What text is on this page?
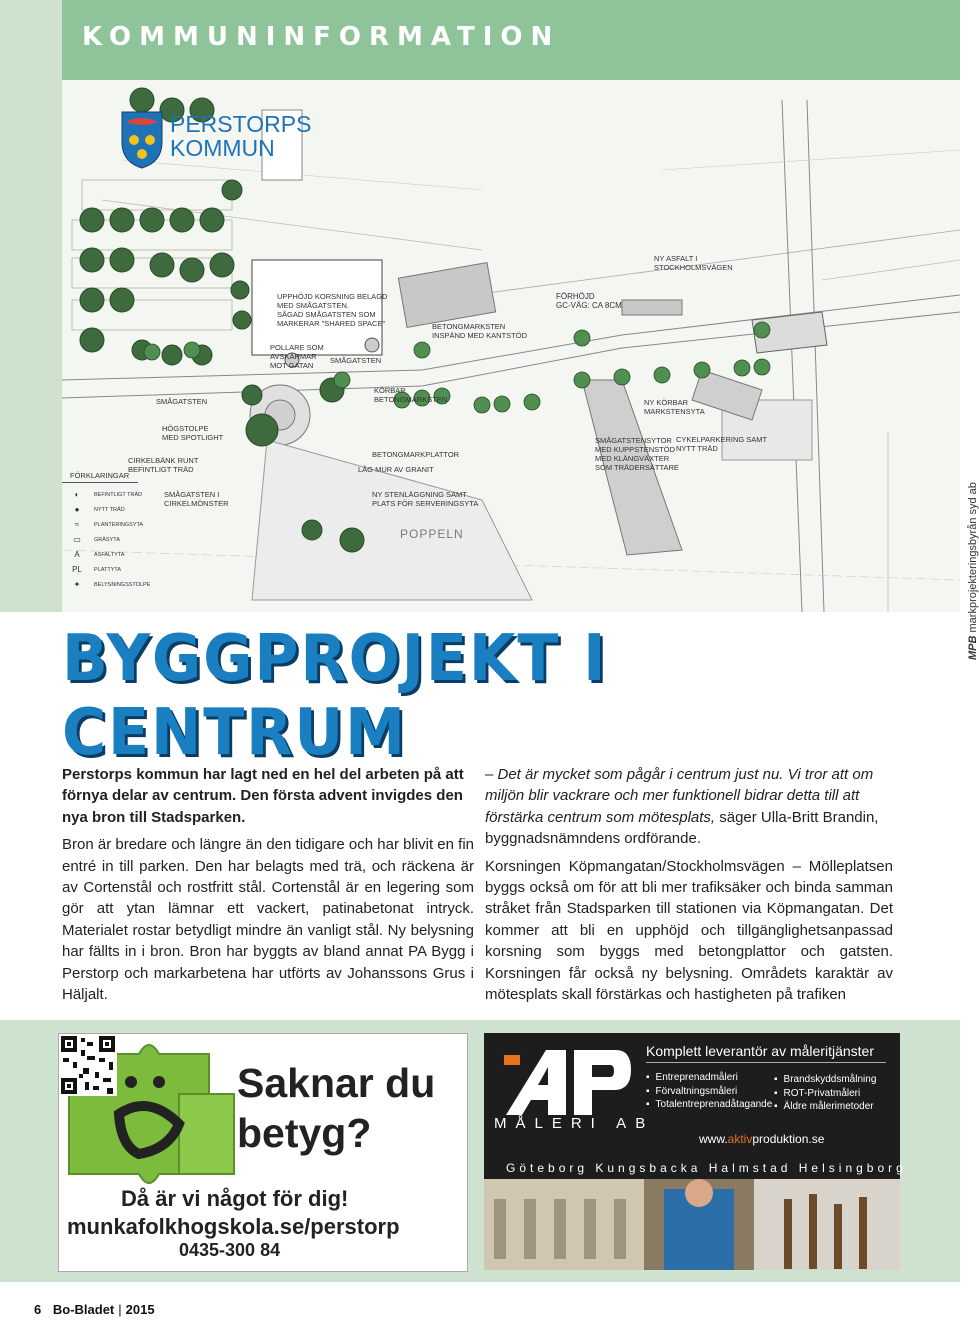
KOMMUNINFORMATION
PERSTORPS
KOMMUN
UPPHÖJD KORSNING BELAGD
MED SMÅGATSTEN.
SÅGAD SMÅGATSTEN SOM
MARKERAR "SHARED SPACE"
POLLARE SOM
AVSKÄRMAR
MOT GATAN
SMÅGATSTEN
BETONGMARKSTEN
INSPÄND MED KANTSTÖD
FÖRHÖJD
GC-VÄG: CA 8CM
NY ASFALT I
STOCKHOLMSVÄGEN
SMÅGATSTEN
KÖRBAR
BETONGMARKSTEN	NY KÖRBAR
MARKSTENSYTA
HÖGSTOLPE
MED SPOTLIGHT
CIRKELBÄNK RUNT
BEFINTLIGT TRÄD
BETONGMARKPLATTOR
LÅG MUR AV GRANIT
SMÅGATSTEN I
CIRKELMÖNSTER
NY STENLÄGGNING SAMT
PLATS FÖR SERVERINGSYTA
SMÅGATSTENSYTOR
MED KUPPSTENSTÖD
MED KLÄNGVÄXTER
SOM TRÄDERSÄTTARE
CYKELPARKERING SAMT
NYTT TRÄD
POPPELN
FÖRKLARINGAR
◐	BEFINTLIGT TRÄD
●	NYTT TRÄD
≈	PLANTERINGSYTA
▭	GRÄSYTA
A	ASFALTYTA
PL	PLATTYTA
✦	BELYSNINGSSTOLPE
MPB markprojekteringsbyrån syd ab
BYGGPROJEKT I CENTRUM

Perstorps kommun har lagt ned en hel del arbeten på att förnya delar av centrum. Den första advent invigdes den nya bron till Stadsparken.

Bron är bredare och längre än den tidigare och har blivit en fin entré in till parken. Den har belagts med trä, och räckena är av Cortenstål och rostfritt stål. Cortenstål är en legering som gör att ytan lämnar ett vackert, patinabetonat intryck. Materialet rostar betydligt mindre än vanligt stål. Ny belysning har fällts in i bron. Bron har byggts av bland annat PA Bygg i Perstorp och markarbetena har utförts av Johanssons Grus i Häljalt.

– Det är mycket som pågår i centrum just nu. Vi tror att om miljön blir vackrare och mer funktionell bidrar detta till att förstärka centrum som mötesplats, säger Ulla-Britt Brandin, byggnadsnämndens ordförande.

Korsningen Köpmangatan/Stockholmsvägen – Mölleplatsen byggs också om för att bli mer trafiksäker och binda samman stråket från Stadsparken till stationen via Köpmangatan. Det kommer att bli en upphöjd och tillgänglighetsanpassad korsning som byggs med betongplattor och gatsten. Korsningen får också ny belysning. Områdets karaktär av mötesplats skall förstärkas och hastigheten på trafiken

Saknar du
betyg?
Då är vi något för dig!
munkafolkhogskola.se/perstorp
0435-300 84
MÅLERI AB
Komplett leverantör av måleritjänster
▪ Entreprenadmåleri
▪ Förvaltningsmåleri
▪ Totalentreprenadåtagande
▪ Brandskyddsmålning
▪ ROT-Privatmåleri
▪ Äldre målerimetoder
www.aktivproduktion.se
Göteborg Kungsbacka Halmstad Helsingborg
6 Bo-Bladet | 2015
